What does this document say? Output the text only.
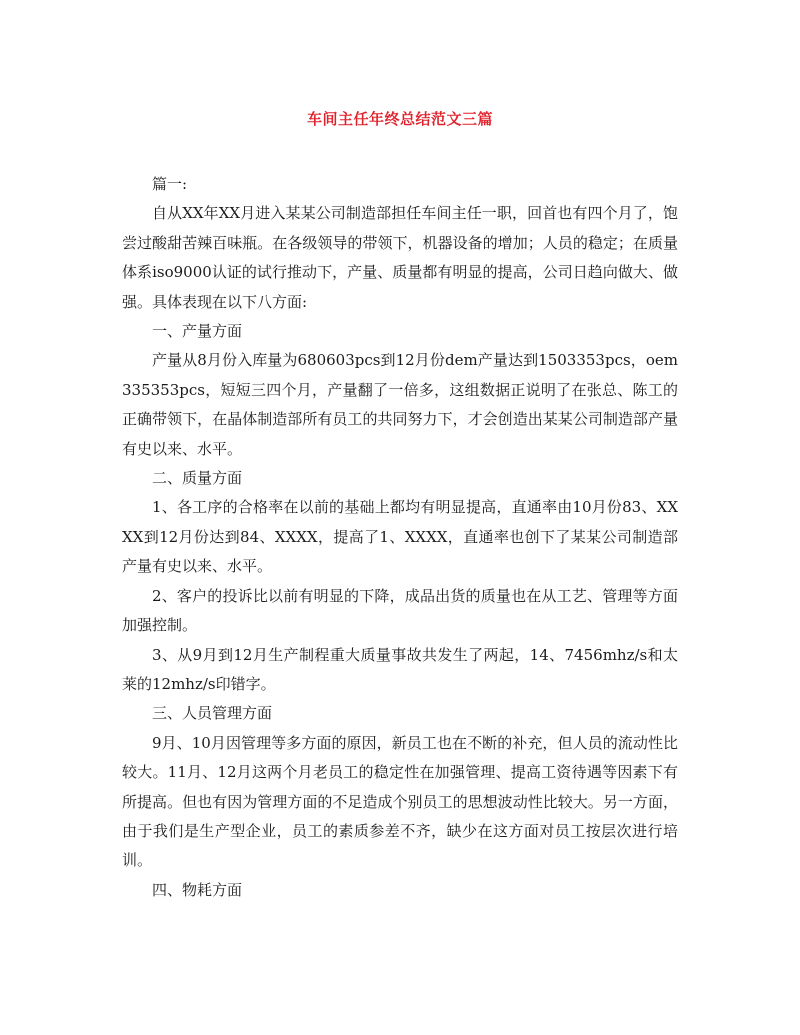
车间主任年终总结范文三篇

篇一:

自从XX年XX月进入某某公司制造部担任车间主任一职，回首也有四个月了，饱尝过酸甜苦辣百味瓶。在各级领导的带领下，机器设备的增加；人员的稳定；在质量体系iso9000认证的试行推动下，产量、质量都有明显的提高，公司日趋向做大、做强。具体表现在以下八方面:

一、产量方面

产量从8月份入库量为680603pcs到12月份dem产量达到1503353pcs，oem335353pcs，短短三四个月，产量翻了一倍多，这组数据正说明了在张总、陈工的正确带领下，在晶体制造部所有员工的共同努力下，才会创造出某某公司制造部产量有史以来、水平。

二、质量方面

1、各工序的合格率在以前的基础上都均有明显提高，直通率由10月份83、XXXX到12月份达到84、XXXX，提高了1、XXXX，直通率也创下了某某公司制造部产量有史以来、水平。

2、客户的投诉比以前有明显的下降，成品出货的质量也在从工艺、管理等方面加强控制。

3、从9月到12月生产制程重大质量事故共发生了两起，14、7456mhz/s和太莱的12mhz/s印错字。

三、人员管理方面

9月、10月因管理等多方面的原因，新员工也在不断的补充，但人员的流动性比较大。11月、12月这两个月老员工的稳定性在加强管理、提高工资待遇等因素下有所提高。但也有因为管理方面的不足造成个别员工的思想波动性比较大。另一方面，由于我们是生产型企业，员工的素质参差不齐，缺少在这方面对员工按层次进行培训。

四、物耗方面
